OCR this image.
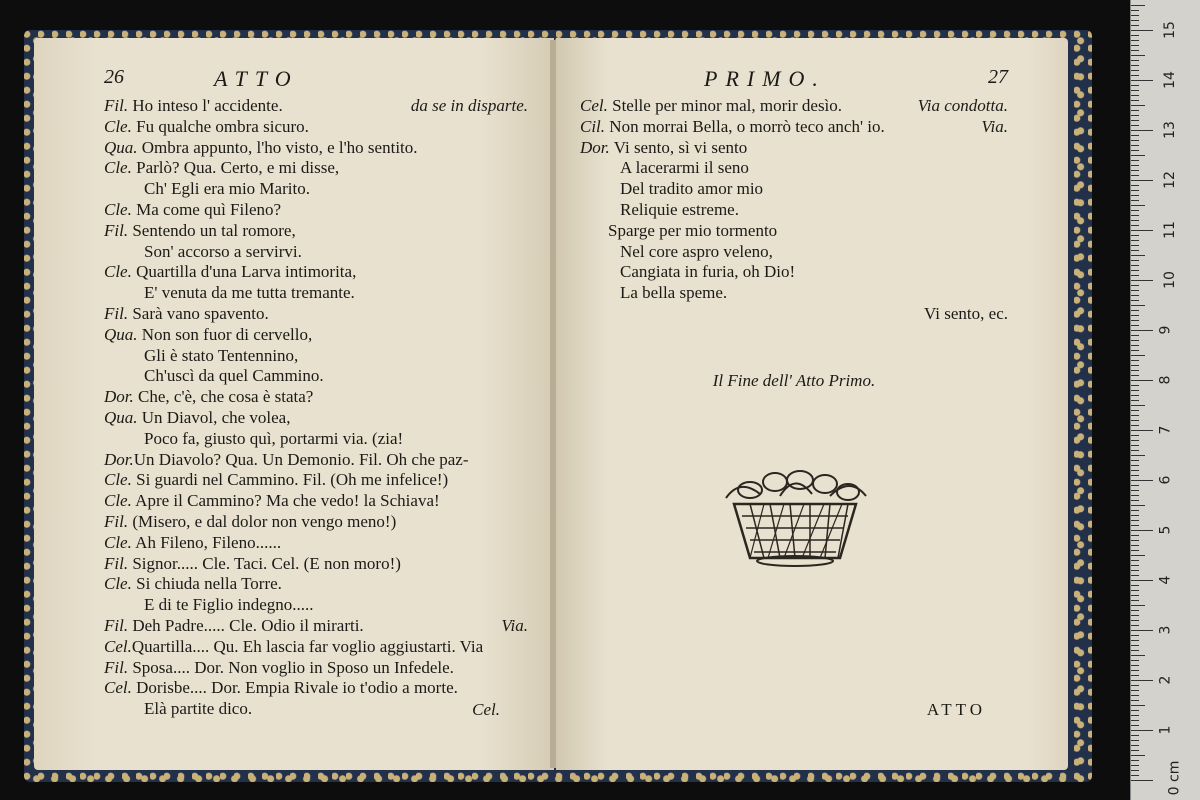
26	ATTO
Fil. Ho inteso l' accidente.	da se in disparte.
Cle. Fu qualche ombra sicuro.
Qua. Ombra appunto, l'ho visto, e l'ho sentito.
Cle. Parlò? Qua. Certo, e mi disse,
Ch' Egli era mio Marito.
Cle. Ma come quì Fileno?
Fil. Sentendo un tal romore,
Son' accorso a servirvi.
Cle. Quartilla d'una Larva intimorita,
E' venuta da me tutta tremante.
Fil. Sarà vano spavento.
Qua. Non son fuor di cervello,
Gli è stato Tentennino,
Ch'uscì da quel Cammino.
Dor. Che, c'è, che cosa è stata?
Qua. Un Diavol, che volea,
Poco fa, giusto quì, portarmi via. (zia!
Dor.Un Diavolo? Qua. Un Demonio. Fil. Oh che paz-
Cle. Si guardi nel Cammino. Fil. (Oh me infelice!)
Cle. Apre il Cammino? Ma che vedo! la Schiava!
Fil. (Misero, e dal dolor non vengo meno!)
Cle. Ah Fileno, Fileno......
Fil. Signor..... Cle. Taci. Cel. (E non moro!)
Cle. Si chiuda nella Torre.
E di te Figlio indegno.....
Fil. Deh Padre..... Cle. Odio il mirarti.	Via.
Cel.Quartilla.... Qu. Eh lascia far voglio aggiustarti. Via
Fil. Sposa.... Dor. Non voglio in Sposo un Infedele.
Cel. Dorisbe.... Dor. Empia Rivale io t'odio a morte.
Elà partite dico.	Cel.
PRIMO.	27
Cel. Stelle per minor mal, morir desìo.	Via condotta.
Cil. Non morrai Bella, o morrò teco anch' io.	Via.
Dor. Vi sento, sì vi sento
A lacerarmi il seno
Del tradito amor mio
Reliquie estreme.
Sparge per mio tormento
Nel core aspro veleno,
Cangiata in furia, oh Dio!
La bella speme.
Vi sento, ec.
Il Fine dell' Atto Primo.
ATTO
0 cm
1
2
3
4
5
6
7
8
9
10
11
12
13
14
15
